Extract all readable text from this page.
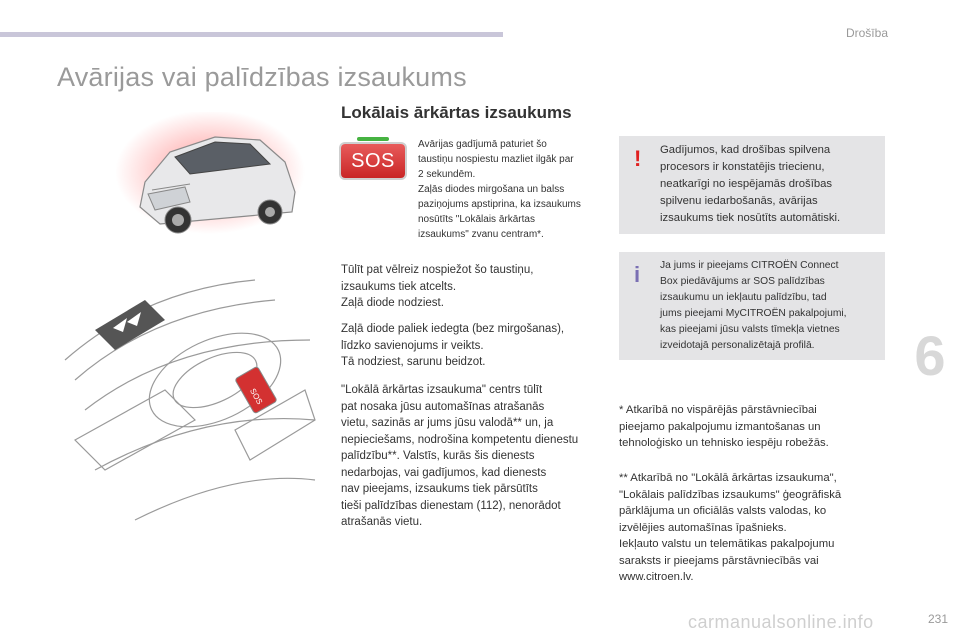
Drošība
Avārijas vai palīdzības izsaukums
Lokālais ārkārtas izsaukums
SOS
SOS
Avārijas gadījumā paturiet šo
taustiņu nospiestu mazliet ilgāk par
2 sekundēm.
Zaļās diodes mirgošana un balss
paziņojums apstiprina, ka izsaukums
nosūtīts "Lokālais ārkārtas
izsaukums" zvanu centram*.
Tūlīt pat vēlreiz nospiežot šo taustiņu,
izsaukums tiek atcelts.
Zaļā diode nodziest.
Zaļā diode paliek iedegta (bez mirgošanas),
līdzko savienojums ir veikts.
Tā nodziest, sarunu beidzot.
"Lokālā ārkārtas izsaukuma" centrs tūlīt
pat nosaka jūsu automašīnas atrašanās
vietu, sazinās ar jums jūsu valodā** un, ja
nepieciešams, nodrošina kompetentu dienestu
palīdzību**. Valstīs, kurās šis dienests
nedarbojas, vai gadījumos, kad dienests
nav pieejams, izsaukums tiek pārsūtīts
tieši palīdzības dienestam (112), nenorādot
atrašanās vietu.
! Gadījumos, kad drošības spilvena
procesors ir konstatējis triecienu,
neatkarīgi no iespējamās drošības
spilvenu iedarbošanās, avārijas
izsaukums tiek nosūtīts automātiski.
i Ja jums ir pieejams CITROËN Connect
Box piedāvājums ar SOS palīdzības
izsaukumu un iekļautu palīdzību, tad
jums pieejami MyCITROËN pakalpojumi,
kas pieejami jūsu valsts tīmekļa vietnes
izveidotajā personalizētajā profilā.
* Atkarībā no vispārējās pārstāvniecībai
pieejamo pakalpojumu izmantošanas un
tehnoloģisko un tehnisko iespēju robežās.
** Atkarībā no "Lokālā ārkārtas izsaukuma",
"Lokālais palīdzības izsaukums" ģeogrāfiskā
pārklājuma un oficiālās valsts valodas, ko
izvēlējies automašīnas īpašnieks.
Iekļauto valstu un telemātikas pakalpojumu
saraksts ir pieejams pārstāvniecībās vai
www.citroen.lv.
6
carmanualsonline.info	231
